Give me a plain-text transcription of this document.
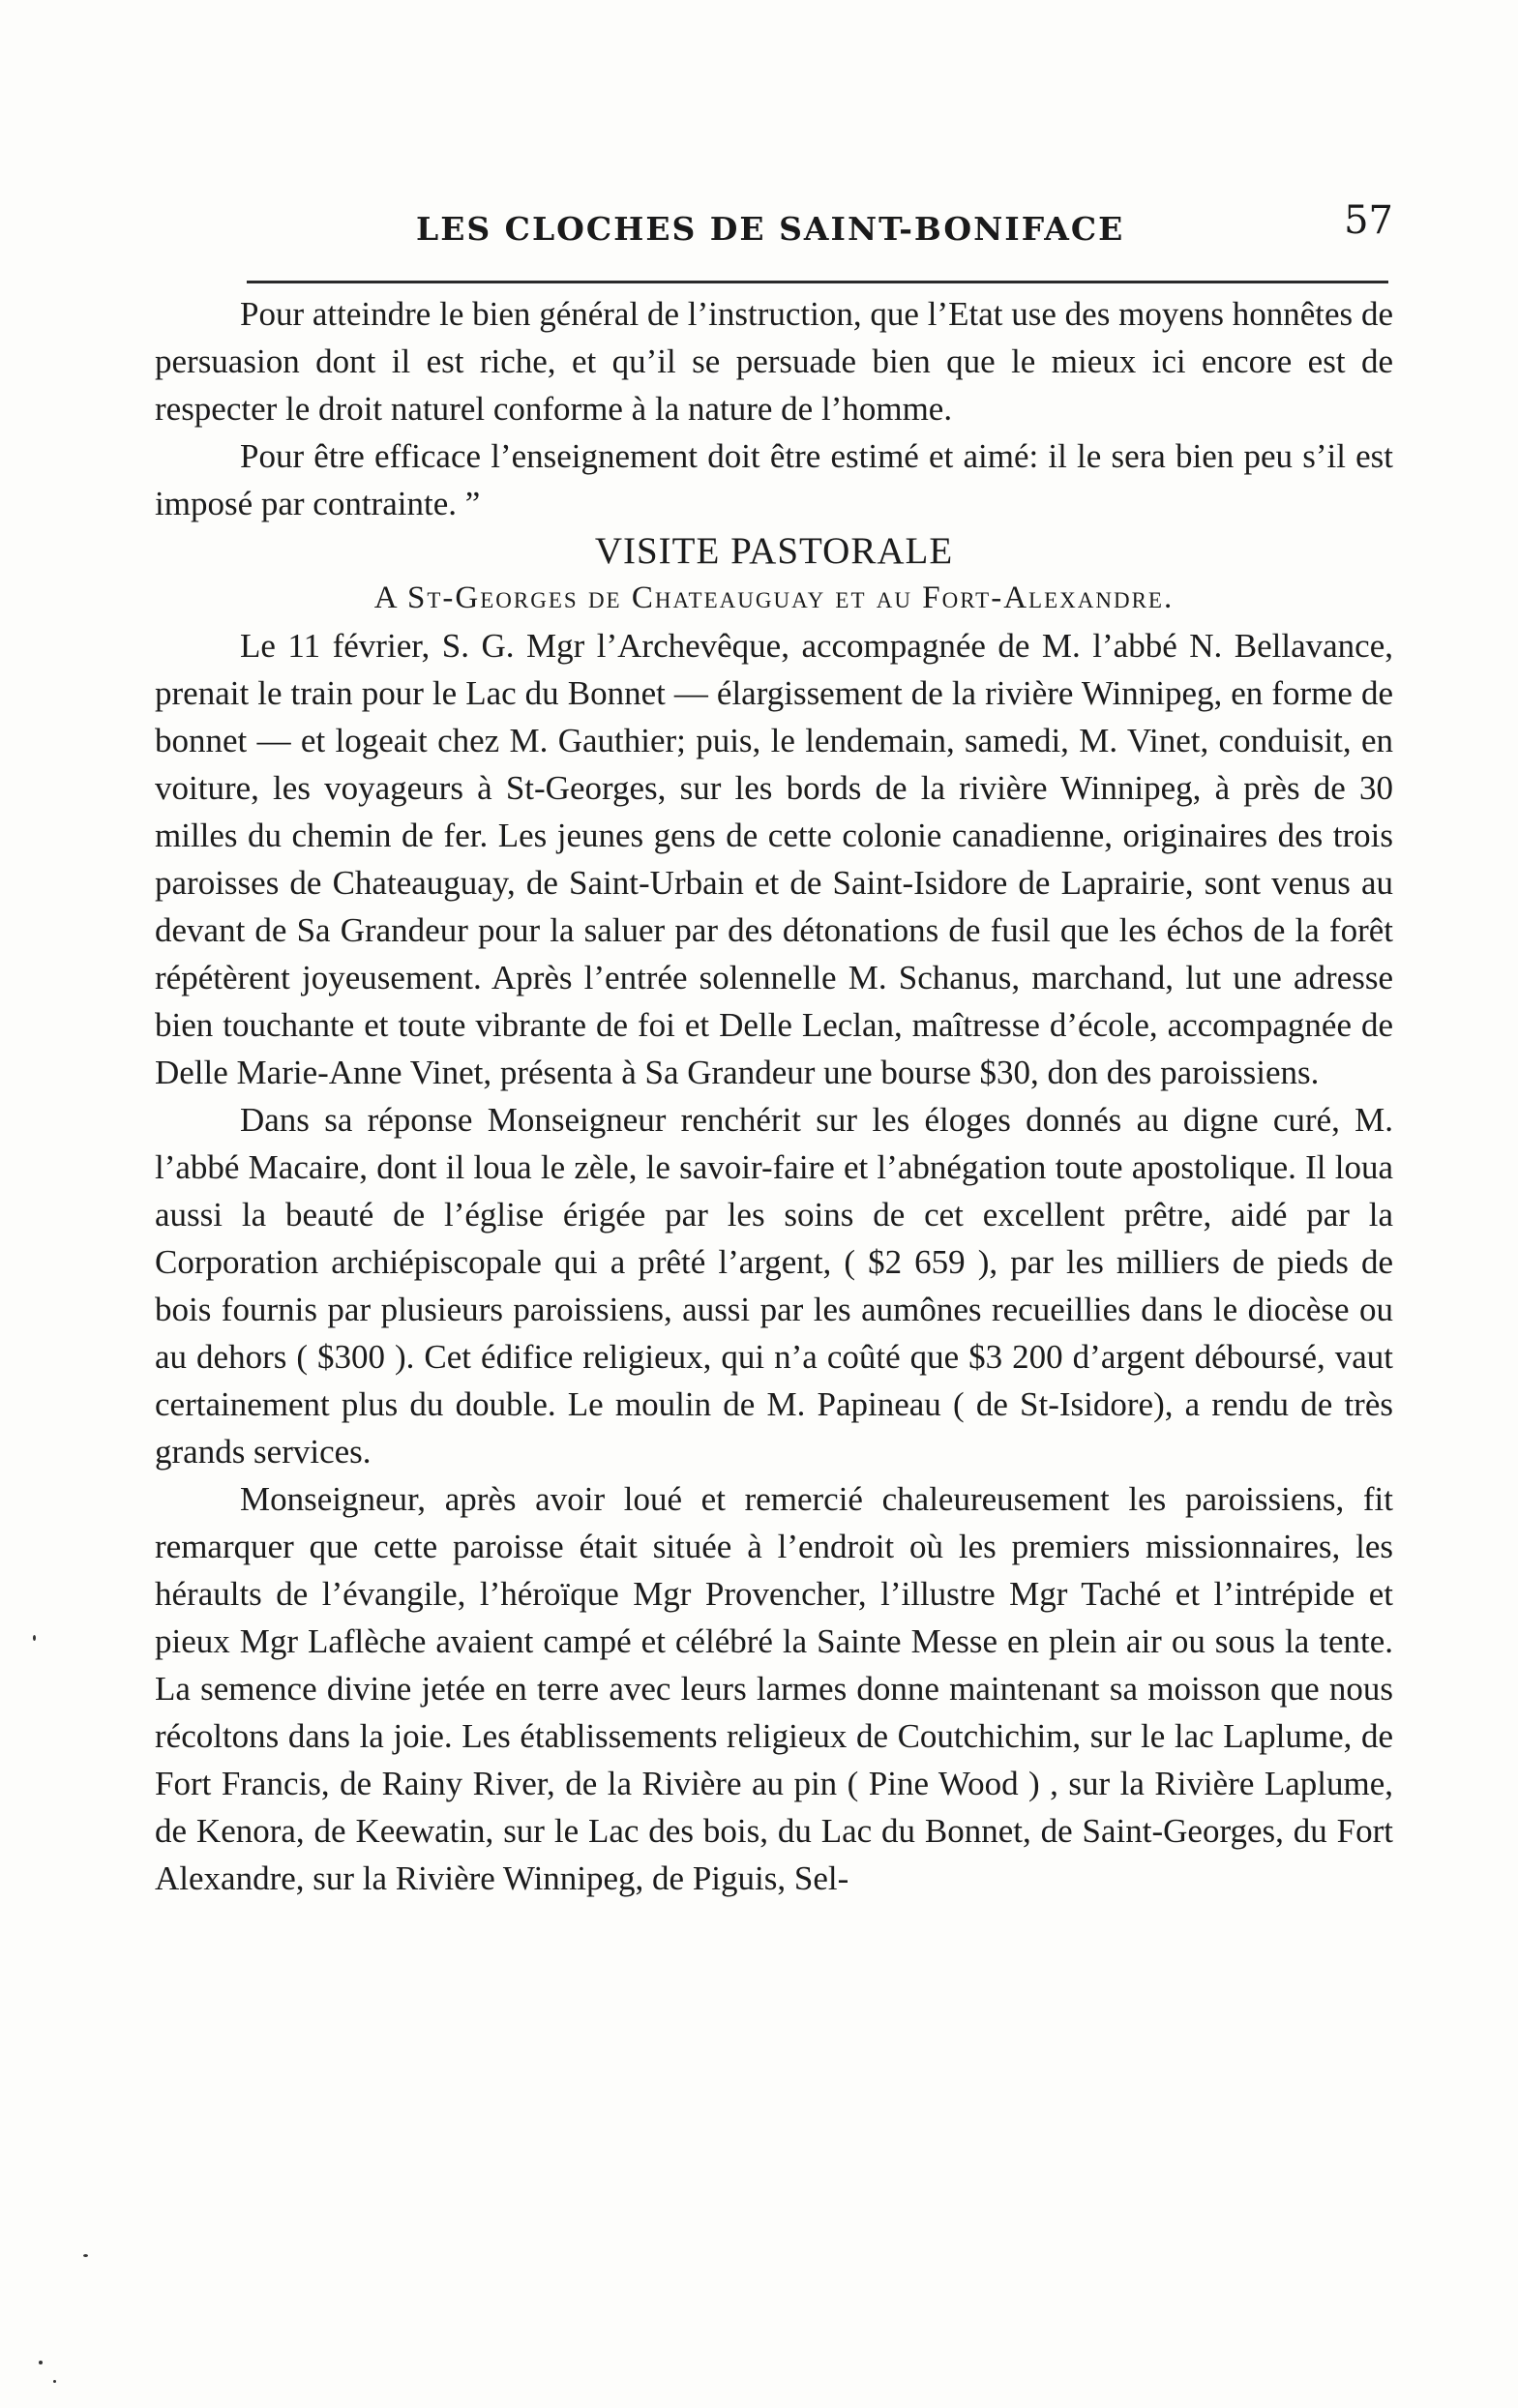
LES CLOCHES DE SAINT-BONIFACE	57

Pour atteindre le bien général de l’instruction, que l’Etat use des moyens honnêtes de persuasion dont il est riche, et qu’il se persuade bien que le mieux ici encore est de respecter le droit naturel conforme à la nature de l’homme.

Pour être efficace l’enseignement doit être estimé et aimé: il le sera bien peu s’il est imposé par contrainte. ”

VISITE PASTORALE

A St-Georges de Chateauguay et au Fort-Alexandre.

Le 11 février, S. G. Mgr l’Archevêque, accompagnée de M. l’abbé N. Bellavance, prenait le train pour le Lac du Bonnet — élargissement de la rivière Winnipeg, en forme de bonnet — et logeait chez M. Gauthier; puis, le lendemain, samedi, M. Vinet, conduisit, en voiture, les voyageurs à St-Georges, sur les bords de la rivière Winnipeg, à près de 30 milles du chemin de fer. Les jeunes gens de cette colonie canadienne, originaires des trois paroisses de Chateauguay, de Saint-Urbain et de Saint-Isidore de Laprairie, sont venus au devant de Sa Grandeur pour la saluer par des détonations de fusil que les échos de la forêt répétèrent joyeusement. Après l’entrée solennelle M. Schanus, marchand, lut une adresse bien touchante et toute vibrante de foi et Delle Leclan, maîtresse d’école, accompagnée de Delle Marie-Anne Vinet, présenta à Sa Grandeur une bourse $30, don des paroissiens.

Dans sa réponse Monseigneur renchérit sur les éloges donnés au digne curé, M. l’abbé Macaire, dont il loua le zèle, le savoir-faire et l’abnégation toute apostolique. Il loua aussi la beauté de l’église érigée par les soins de cet excellent prêtre, aidé par la Corporation archiépiscopale qui a prêté l’argent, ( $2 659 ), par les milliers de pieds de bois fournis par plusieurs paroissiens, aussi par les aumônes recueillies dans le diocèse ou au dehors ( $300 ). Cet édifice religieux, qui n’a coûté que $3 200 d’argent déboursé, vaut certainement plus du double. Le moulin de M. Papineau ( de St-Isidore), a rendu de très grands services.

Monseigneur, après avoir loué et remercié chaleureusement les paroissiens, fit remarquer que cette paroisse était située à l’endroit où les premiers missionnaires, les héraults de l’évangile, l’héroïque Mgr Provencher, l’illustre Mgr Taché et l’intrépide et pieux Mgr Laflèche avaient campé et célébré la Sainte Messe en plein air ou sous la tente. La semence divine jetée en terre avec leurs larmes donne maintenant sa moisson que nous récoltons dans la joie. Les établissements religieux de Coutchichim, sur le lac Laplume, de Fort Francis, de Rainy River, de la Rivière au pin ( Pine Wood ) , sur la Rivière Laplume, de Kenora, de Keewatin, sur le Lac des bois, du Lac du Bonnet, de Saint-Georges, du Fort Alexandre, sur la Rivière Winnipeg, de Piguis, Sel-
